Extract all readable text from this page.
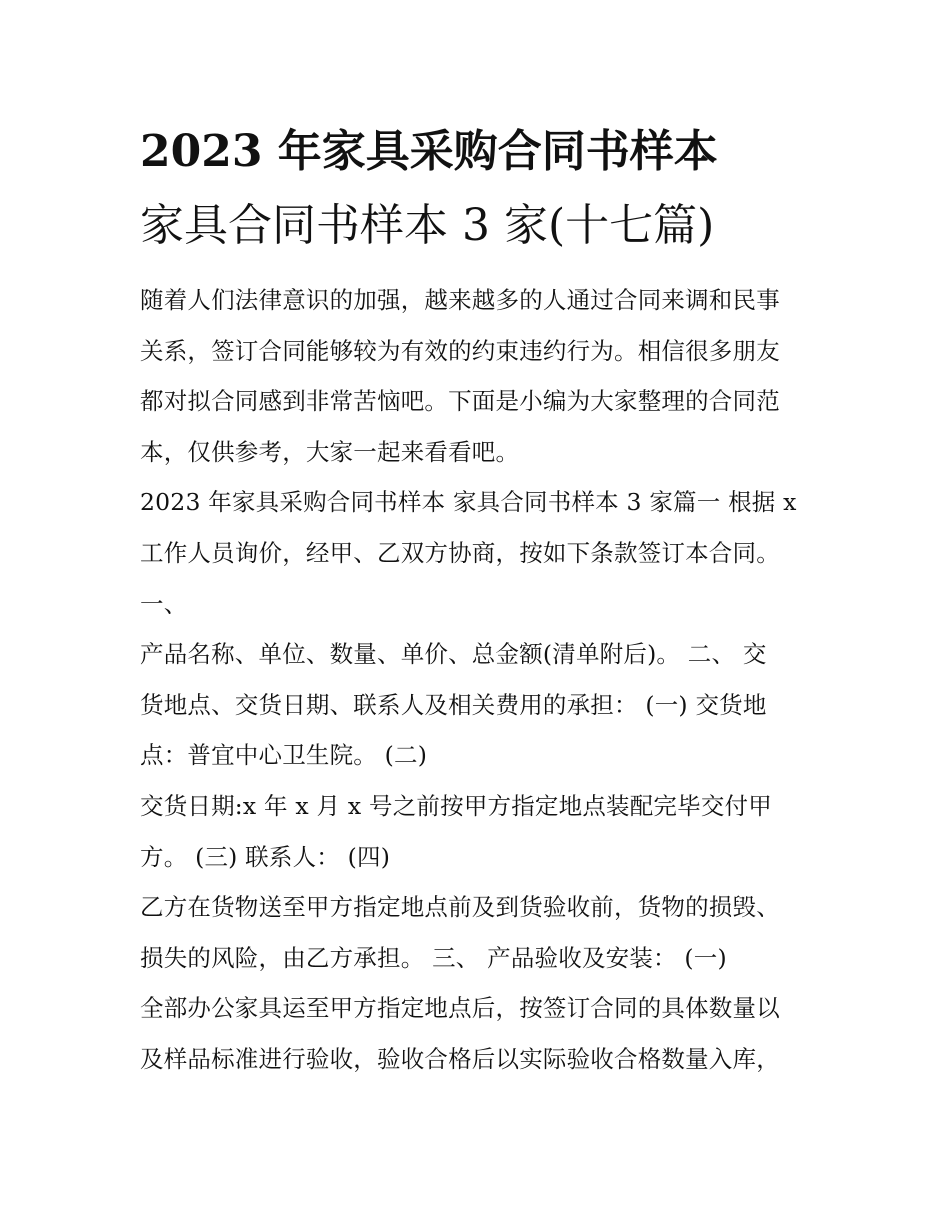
2023 年家具采购合同书样本
家具合同书样本 3 家(十七篇)
随着人们法律意识的加强，越来越多的人通过合同来调和民事
关系，签订合同能够较为有效的约束违约行为。相信很多朋友
都对拟合同感到非常苦恼吧。下面是小编为大家整理的合同范
本，仅供参考，大家一起来看看吧。
2023 年家具采购合同书样本 家具合同书样本 3 家篇一 根据 x
工作人员询价，经甲、乙双方协商，按如下条款签订本合同。
一、
产品名称、单位、数量、单价、总金额(清单附后)。 二、 交
货地点、交货日期、联系人及相关费用的承担： (一) 交货地
点：普宜中心卫生院。 (二)
交货日期:x 年 x 月 x 号之前按甲方指定地点装配完毕交付甲
方。 (三) 联系人： (四)
乙方在货物送至甲方指定地点前及到货验收前，货物的损毁、
损失的风险，由乙方承担。 三、 产品验收及安装： (一)
全部办公家具运至甲方指定地点后，按签订合同的具体数量以
及样品标准进行验收，验收合格后以实际验收合格数量入库，
